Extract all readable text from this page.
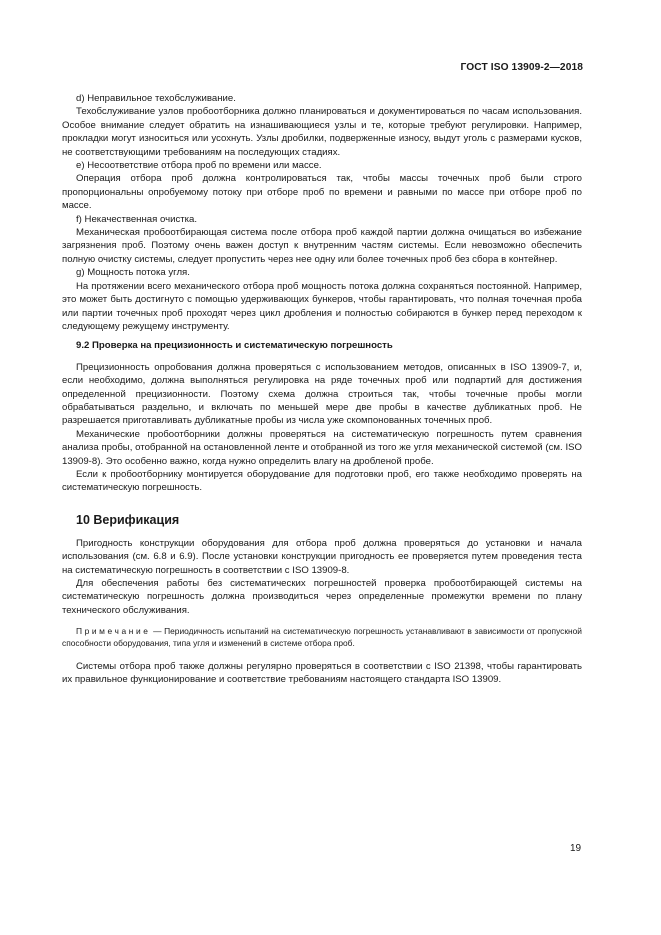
ГОСТ ISO 13909-2—2018

d) Неправильное техобслуживание.

Техобслуживание узлов пробоотборника должно планироваться и документироваться по часам использования. Особое внимание следует обратить на изнашивающиеся узлы и те, которые требуют регулировки. Например, прокладки могут износиться или усохнуть. Узлы дробилки, подверженные износу, выдут уголь с размерами кусков, не соответствующими требованиям на последующих стадиях.

e) Несоответствие отбора проб по времени или массе.

Операция отбора проб должна контролироваться так, чтобы массы точечных проб были строго пропорциональны опробуемому потоку при отборе проб по времени и равными по массе при отборе проб по массе.

f) Некачественная очистка.

Механическая пробоотбирающая система после отбора проб каждой партии должна очищаться во избежание загрязнения проб. Поэтому очень важен доступ к внутренним частям системы. Если невозможно обеспечить полную очистку системы, следует пропустить через нее одну или более точечных проб без сбора в контейнер.

g) Мощность потока угля.

На протяжении всего механического отбора проб мощность потока должна сохраняться постоянной. Например, это может быть достигнуто с помощью удерживающих бункеров, чтобы гарантировать, что полная точечная проба или партии точечных проб проходят через цикл дробления и полностью собираются в бункер перед переходом к следующему режущему инструменту.

9.2 Проверка на прецизионность и систематическую погрешность

Прецизионность опробования должна проверяться с использованием методов, описанных в ISO 13909-7, и, если необходимо, должна выполняться регулировка на ряде точечных проб или подпартий для достижения определенной прецизионности. Поэтому схема должна строиться так, чтобы точечные пробы могли обрабатываться раздельно, и включать по меньшей мере две пробы в качестве дубликатных проб. Не разрешается приготавливать дубликатные пробы из числа уже скомпонованных точечных проб.

Механические пробоотборники должны проверяться на систематическую погрешность путем сравнения анализа пробы, отобранной на остановленной ленте и отобранной из того же угля механической системой (см. ISO 13909-8). Это особенно важно, когда нужно определить влагу на дробленой пробе.

Если к пробоотборнику монтируется оборудование для подготовки проб, его также необходимо проверять на систематическую погрешность.

10 Верификация

Пригодность конструкции оборудования для отбора проб должна проверяться до установки и начала использования (см. 6.8 и 6.9). После установки конструкции пригодность ее проверяется путем проведения теста на систематическую погрешность в соответствии с ISO 13909-8.

Для обеспечения работы без систематических погрешностей проверка пробоотбирающей системы на систематическую погрешность должна производиться через определенные промежутки времени по плану технического обслуживания.

Примечание — Периодичность испытаний на систематическую погрешность устанавливают в зависимости от пропускной способности оборудования, типа угля и изменений в системе отбора проб.

Системы отбора проб также должны регулярно проверяться в соответствии с ISO 21398, чтобы гарантировать их правильное функционирование и соответствие требованиям настоящего стандарта ISO 13909.

19
